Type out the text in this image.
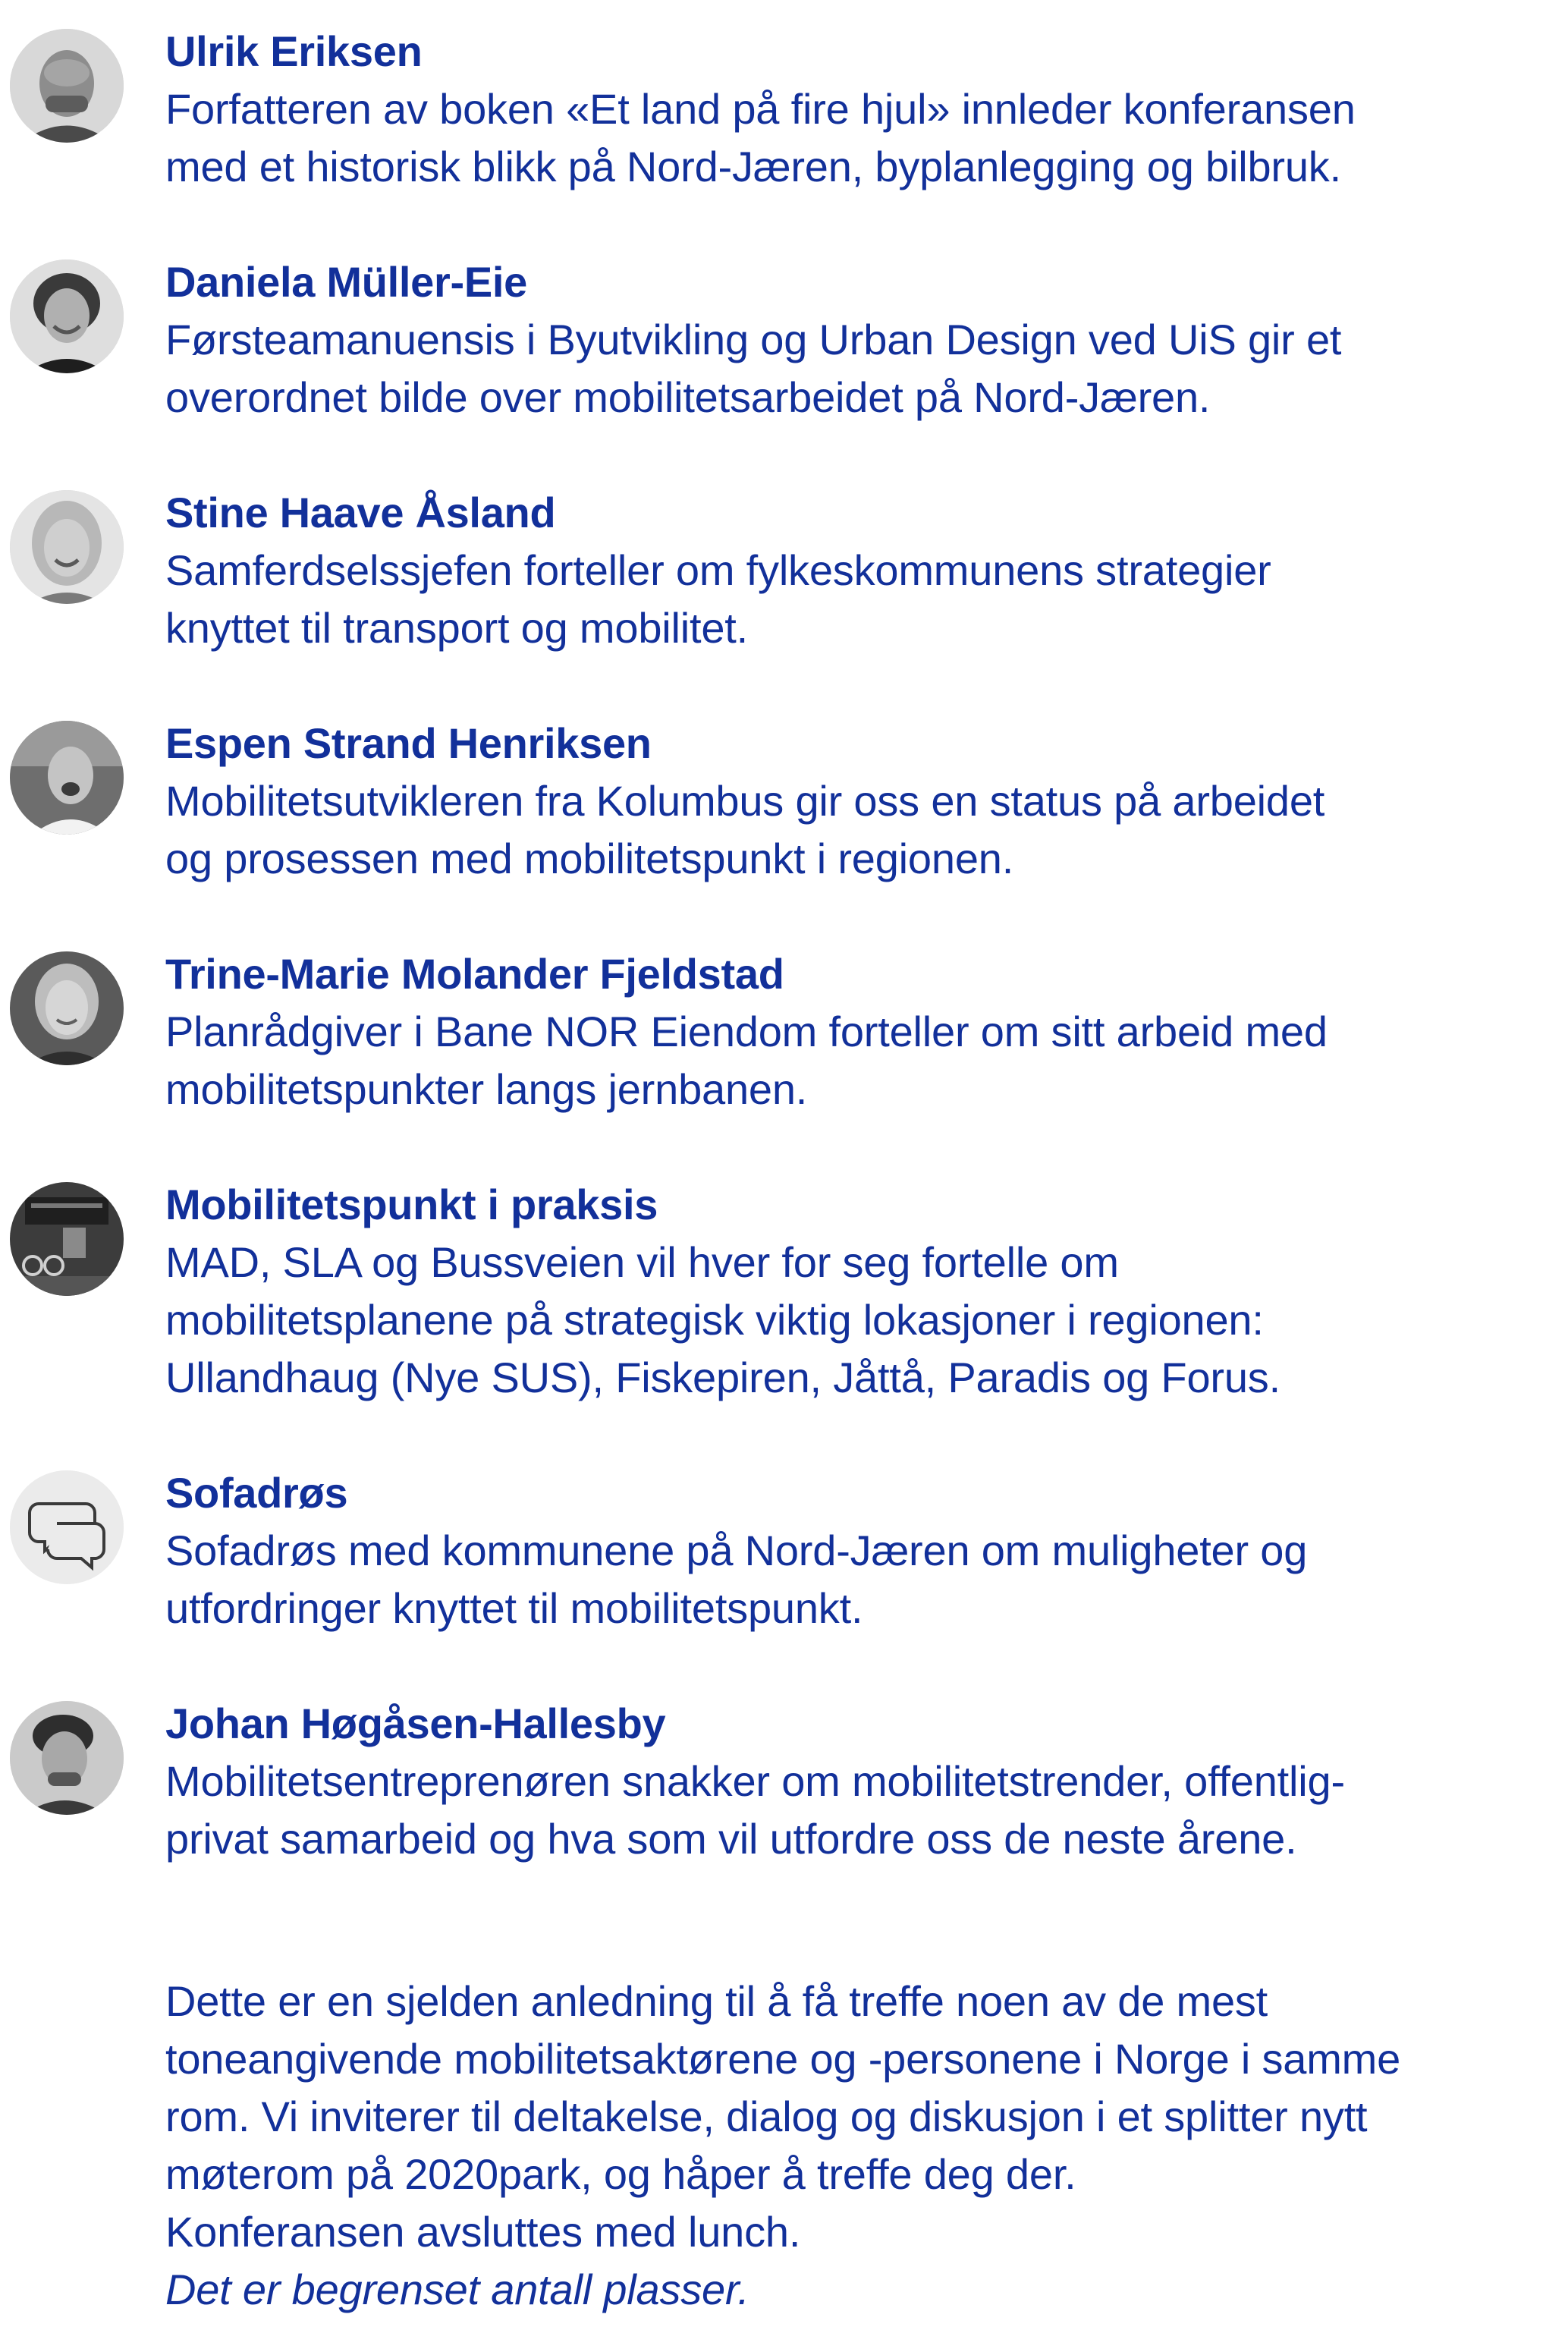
Ulrik Eriksen

Forfatteren av boken «Et land på fire hjul» innleder konferansen
med et historisk blikk på Nord-Jæren, byplanlegging og bilbruk.

Daniela Müller-Eie

Førsteamanuensis i Byutvikling og Urban Design ved UiS gir et
overordnet bilde over mobilitetsarbeidet på Nord-Jæren.

Stine Haave Åsland

Samferdselssjefen forteller om fylkeskommunens strategier
knyttet til transport og mobilitet.

Espen Strand Henriksen

Mobilitetsutvikleren fra Kolumbus gir oss en status på arbeidet
og prosessen med mobilitetspunkt i regionen.

Trine-Marie Molander Fjeldstad

Planrådgiver i Bane NOR Eiendom forteller om sitt arbeid med
mobilitetspunkter langs jernbanen.

Mobilitetspunkt i praksis

MAD, SLA og Bussveien vil hver for seg fortelle om
mobilitetsplanene på strategisk viktig lokasjoner i regionen:
Ullandhaug (Nye SUS), Fiskepiren, Jåttå, Paradis og Forus.

Sofadrøs

Sofadrøs med kommunene på Nord-Jæren om muligheter og
utfordringer knyttet til mobilitetspunkt.

Johan Høgåsen-Hallesby

Mobilitetsentreprenøren snakker om mobilitetstrender, offentlig-
privat samarbeid og hva som vil utfordre oss de neste årene.

Dette er en sjelden anledning til å få treffe noen av de mest
toneangivende mobilitetsaktørene og -personene i Norge i samme
rom. Vi inviterer til deltakelse, dialog og diskusjon i et splitter nytt
møterom på 2020park, og håper å treffe deg der.

Konferansen avsluttes med lunch.

Det er begrenset antall plasser.
